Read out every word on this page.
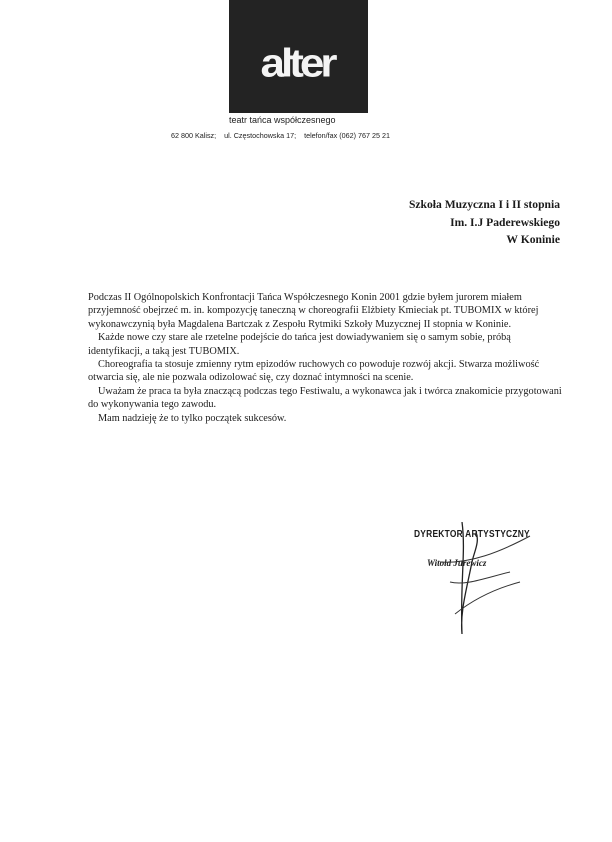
alter
teatr tańca współczesnego
62 800 Kalisz; ul. Częstochowska 17; telefon/fax (062) 767 25 21
Szkoła Muzyczna I i II stopnia
Im. I.J Paderewskiego
W Koninie

Podczas II Ogólnopolskich Konfrontacji Tańca Współczesnego Konin 2001 gdzie byłem jurorem miałem przyjemność obejrzeć m. in. kompozycję taneczną w choreografii Elżbiety Kmieciak pt. TUBOMIX w której wykonawczynią była Magdalena Bartczak z Zespołu Rytmiki Szkoły Muzycznej II stopnia w Koninie.

Każde nowe czy stare ale rzetelne podejście do tańca jest dowiadywaniem się o samym sobie, próbą identyfikacji, a taką jest TUBOMIX.

Choreografia ta stosuje zmienny rytm epizodów ruchowych co powoduje rozwój akcji. Stwarza możliwość otwarcia się, ale nie pozwala odizolować się, czy doznać intymności na scenie.

Uważam że praca ta była znaczącą podczas tego Festiwalu, a wykonawca jak i twórca znakomicie przygotowani do wykonywania tego zawodu.

Mam nadzieję że to tylko początek sukcesów.

DYREKTOR ARTYSTYCZNY
Witold Jurewicz
